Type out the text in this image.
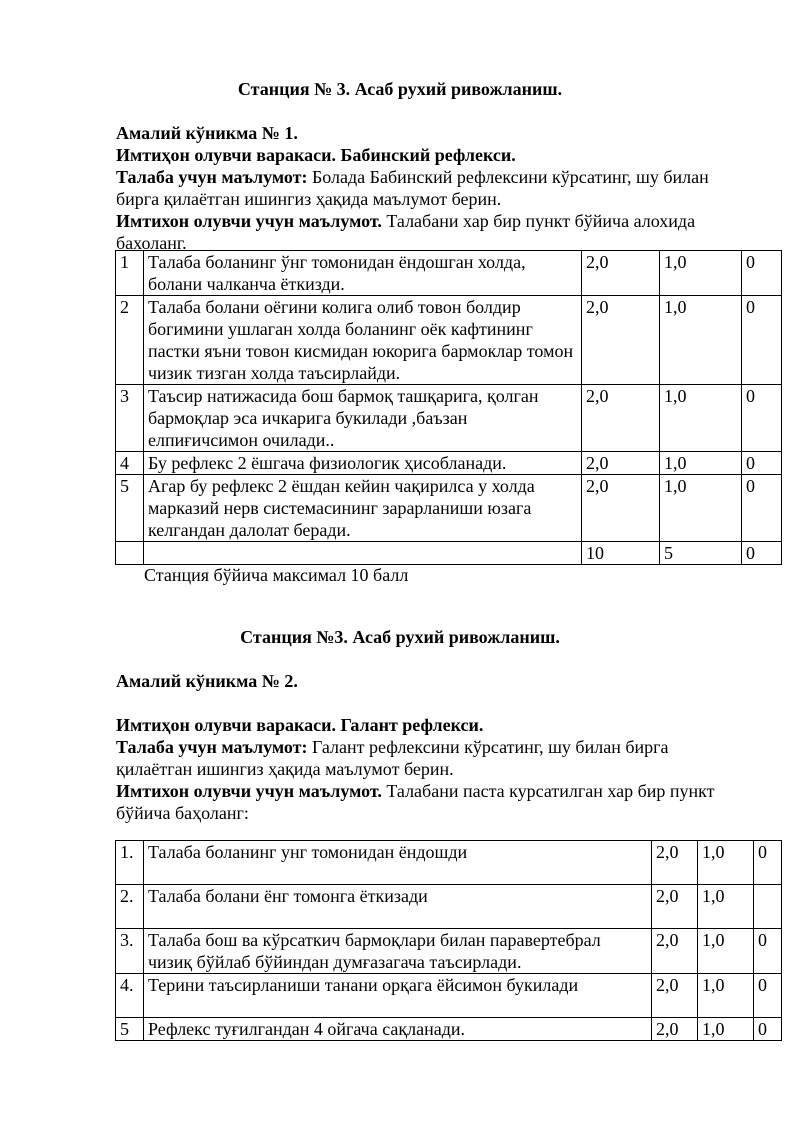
Станция № 3. Асаб рухий ривожланиш.
Амалий кўникма № 1.
Имтиҳон олувчи варакаси. Бабинский рефлекси.
Талаба учун маълумот: Болада Бабинский рефлексини кўрсатинг, шу билан бирга қилаётган ишингиз ҳақида маълумот берин.
Имтихон олувчи учун маълумот. Талабани хар бир пункт бўйича алохида бахоланг.
1	Талаба боланинг ўнг томонидан ёндошган холда, болани чалканча ёткизди.	2,0	1,0	0
2	Талаба болани оёгини колига олиб товон болдир богимини ушлаган холда боланинг оёк кафтининг пастки яъни товон кисмидан юкорига бармоклар томон чизик тизган холда таъсирлайди.	2,0	1,0	0
3	Таъсир натижасида бош бармоқ ташқарига, қолган бармоқлар эса ичкарига букилади ,баъзан елпиғичсимон очилади..	2,0	1,0	0
4	Бу рефлекс 2 ёшгача физиологик ҳисобланади.	2,0	1,0	0
5	Агар бу рефлекс 2 ёшдан кейин чақирилса у холда марказий нерв системасининг зарарланиши юзага келгандан далолат беради.	2,0	1,0	0
		10	5	0
Станция бўйича максимал 10 балл
Станция №3. Асаб рухий ривожланиш.
Амалий кўникма № 2.
Имтиҳон олувчи варакаси. Галант рефлекси.
Талаба учун маълумот: Галант рефлексини кўрсатинг, шу билан бирга қилаётган ишингиз ҳақида маълумот берин.
Имтихон олувчи учун маълумот. Талабани паста курсатилган хар бир пункт бўйича баҳоланг:
1.	Талаба боланинг унг томонидан ёндошди	2,0	1,0	0
2.	Талаба болани ёнг томонга ёткизади	2,0	1,0	
3.	Талаба бош ва кўрсаткич бармоқлари билан паравертебрал чизиқ бўйлаб бўйиндан думғазагача таъсирлади.	2,0	1,0	0
4.	Терини таъсирланиши танани орқага ёйсимон букилади	2,0	1,0	0
5	Рефлекс туғилгандан 4 ойгача сақланади.	2,0	1,0	0
